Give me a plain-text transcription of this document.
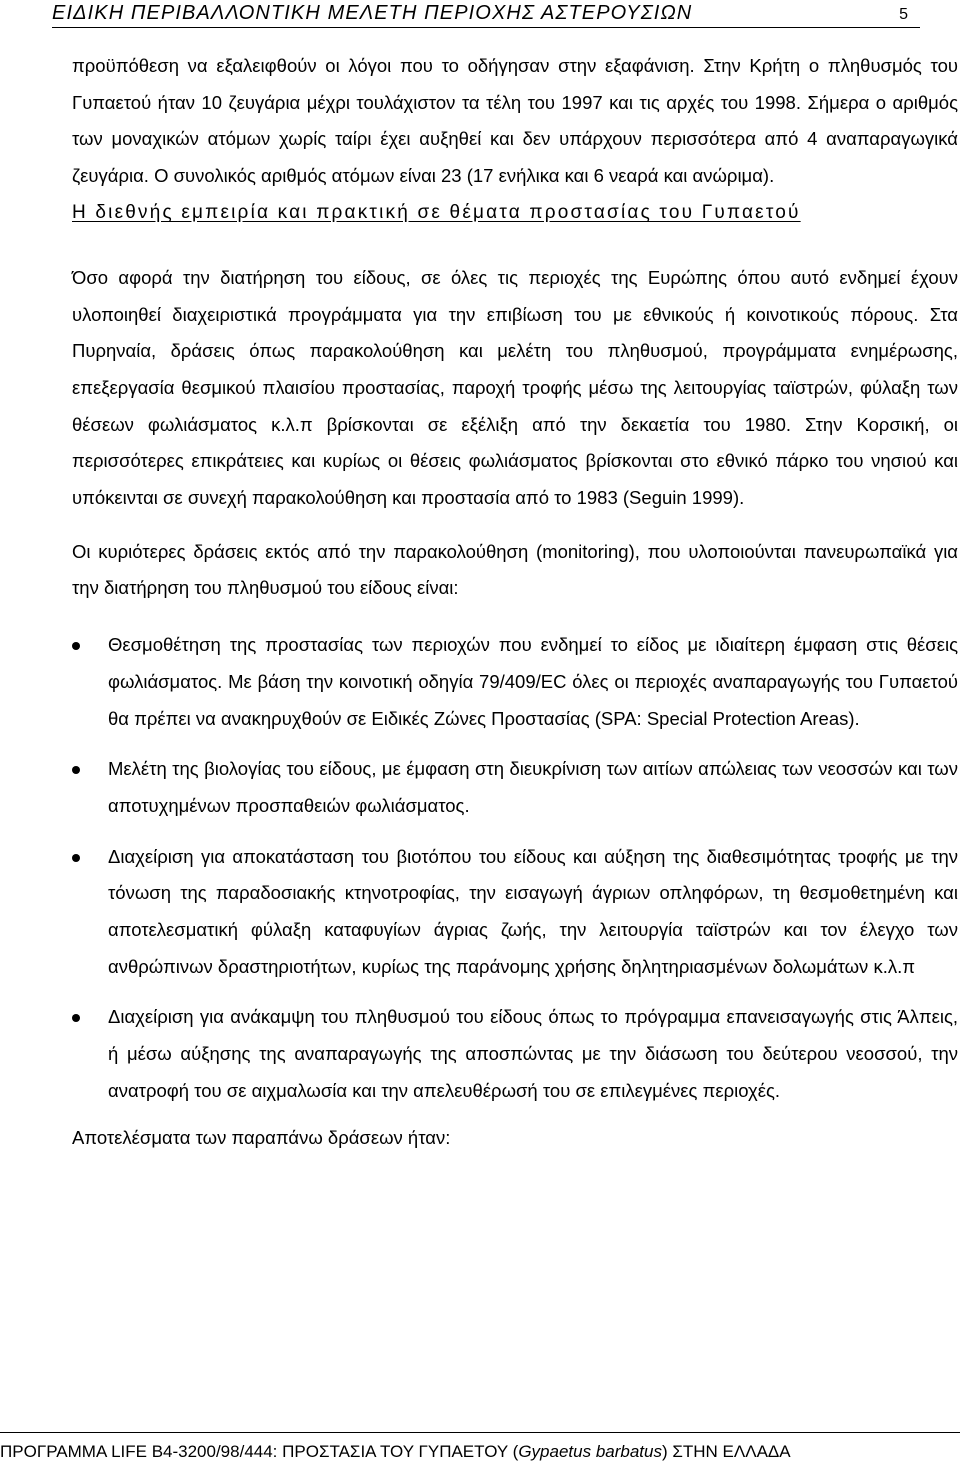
ΕΙΔΙΚΗ ΠΕΡΙΒΑΛΛΟΝΤΙΚΗ ΜΕΛΕΤΗ ΠΕΡΙΟΧΗΣ ΑΣΤΕΡΟΥΣΙΩΝ	5

προϋπόθεση να εξαλειφθούν οι λόγοι που το οδήγησαν στην εξαφάνιση. Στην Κρήτη ο πληθυσμός του Γυπαετού ήταν 10 ζευγάρια μέχρι τουλάχιστον τα τέλη του 1997 και τις αρχές του 1998. Σήμερα ο αριθμός των μοναχικών ατόμων χωρίς ταίρι έχει αυξηθεί και δεν υπάρχουν περισσότερα από 4 αναπαραγωγικά ζευγάρια. Ο συνολικός αριθμός ατόμων είναι 23 (17 ενήλικα και 6 νεαρά και ανώριμα).

Η διεθνής εμπειρία και πρακτική σε θέματα προστασίας του Γυπαετού

Όσο αφορά την διατήρηση του είδους, σε όλες τις περιοχές της Ευρώπης όπου αυτό ενδημεί έχουν υλοποιηθεί διαχειριστικά προγράμματα για την επιβίωση του με εθνικούς ή κοινοτικούς πόρους. Στα Πυρηναία, δράσεις όπως παρακολούθηση και μελέτη του πληθυσμού, προγράμματα ενημέρωσης, επεξεργασία θεσμικού πλαισίου προστασίας, παροχή τροφής μέσω της λειτουργίας ταϊστρών, φύλαξη των θέσεων φωλιάσματος κ.λ.π βρίσκονται σε εξέλιξη από την δεκαετία του 1980. Στην Κορσική, οι περισσότερες επικράτειες και κυρίως οι θέσεις φωλιάσματος βρίσκονται στο εθνικό πάρκο του νησιού και υπόκεινται σε συνεχή παρακολούθηση και προστασία από το 1983 (Seguin 1999).

Οι κυριότερες δράσεις εκτός από την παρακολούθηση (monitoring), που υλοποιούνται πανευρωπαϊκά για την διατήρηση του πληθυσμού του είδους είναι:

Θεσμοθέτηση της προστασίας των περιοχών που ενδημεί το είδος με ιδιαίτερη έμφαση στις θέσεις φωλιάσματος. Με βάση την κοινοτική οδηγία 79/409/EC όλες οι περιοχές αναπαραγωγής του Γυπαετού θα πρέπει να ανακηρυχθούν σε Ειδικές Ζώνες Προστασίας (SPA: Special Protection Areas).
Μελέτη της βιολογίας του είδους, με έμφαση στη διευκρίνιση των αιτίων απώλειας των νεοσσών και των αποτυχημένων προσπαθειών φωλιάσματος.
Διαχείριση για αποκατάσταση του βιοτόπου του είδους και αύξηση της διαθεσιμότητας τροφής με την τόνωση της παραδοσιακής κτηνοτροφίας, την εισαγωγή άγριων οπληφόρων, τη θεσμοθετημένη και αποτελεσματική φύλαξη καταφυγίων άγριας ζωής, την λειτουργία ταϊστρών και τον έλεγχο των ανθρώπινων δραστηριοτήτων, κυρίως της παράνομης χρήσης δηλητηριασμένων δολωμάτων κ.λ.π
Διαχείριση για ανάκαμψη του πληθυσμού του είδους όπως το πρόγραμμα επανεισαγωγής στις Άλπεις, ή μέσω αύξησης της αναπαραγωγής της αποσπώντας με την διάσωση του δεύτερου νεοσσού, την ανατροφή του σε αιχμαλωσία και την απελευθέρωσή του σε επιλεγμένες περιοχές.

Αποτελέσματα των παραπάνω δράσεων ήταν:

ΠΡΟΓΡΑΜΜΑ LIFE B4-3200/98/444: ΠΡΟΣΤΑΣΙΑ ΤΟΥ ΓΥΠΑΕΤΟΥ (Gypaetus barbatus) ΣΤΗΝ ΕΛΛΑΔΑ
